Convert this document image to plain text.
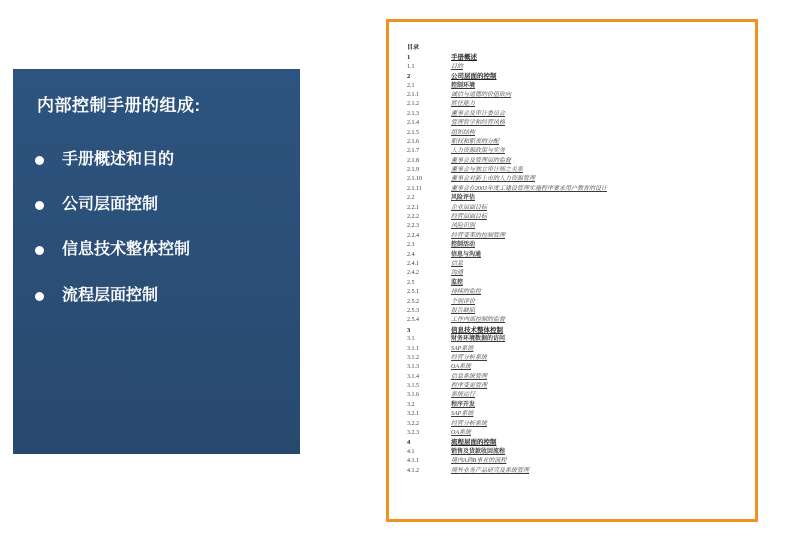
内部控制手册的组成:
手册概述和目的
公司层面控制
信息技术整体控制
流程层面控制
目录
1	手册概述
1.1	目的
2	公司层面的控制
2.1	控制环境
2.1.1	诚信与道德的价值取向
2.1.2	胜任能力
2.1.3	董事会及审计委员会
2.1.4	管理哲学和经营风格
2.1.5	组织结构
2.1.6	职权和职责的分配
2.1.7	人力资源政策与实务
2.1.8	董事会及管理层的监督
2.1.9	董事会与独立审计师之关系
2.1.10	董事会对新上市的人力资源管理
2.1.11	董事会在2003年度工建设管理实施程序要求用户教育的设计
2.2	风险评估
2.2.1	企业层面目标
2.2.2	经营层面目标
2.2.3	风险识别
2.2.4	经营变革的控制管理
2.3	控制活动
2.4	信息与沟通
2.4.1	信息
2.4.2	沟通
2.5	监控
2.5.1	持续的监控
2.5.2	个别评价
2.5.3	报告缺陷
2.5.4	工作内部控制的监督
3	信息技术整体控制
3.1	财务环境数据的访问
3.1.1	SAP系统
3.1.2	经营分析系统
3.1.3	OA系统
3.1.4	信息系统管理
3.1.5	程序变更管理
3.1.6	系统运行
3.2	程序开发
3.2.1	SAP系统
3.2.2	经营分析系统
3.2.3	OA系统
4	流程层面的控制
4.1	销售及货款收回流程
4.1.1	境内A到B事业的流程
4.1.2	境外业务产品研究及系统管理
